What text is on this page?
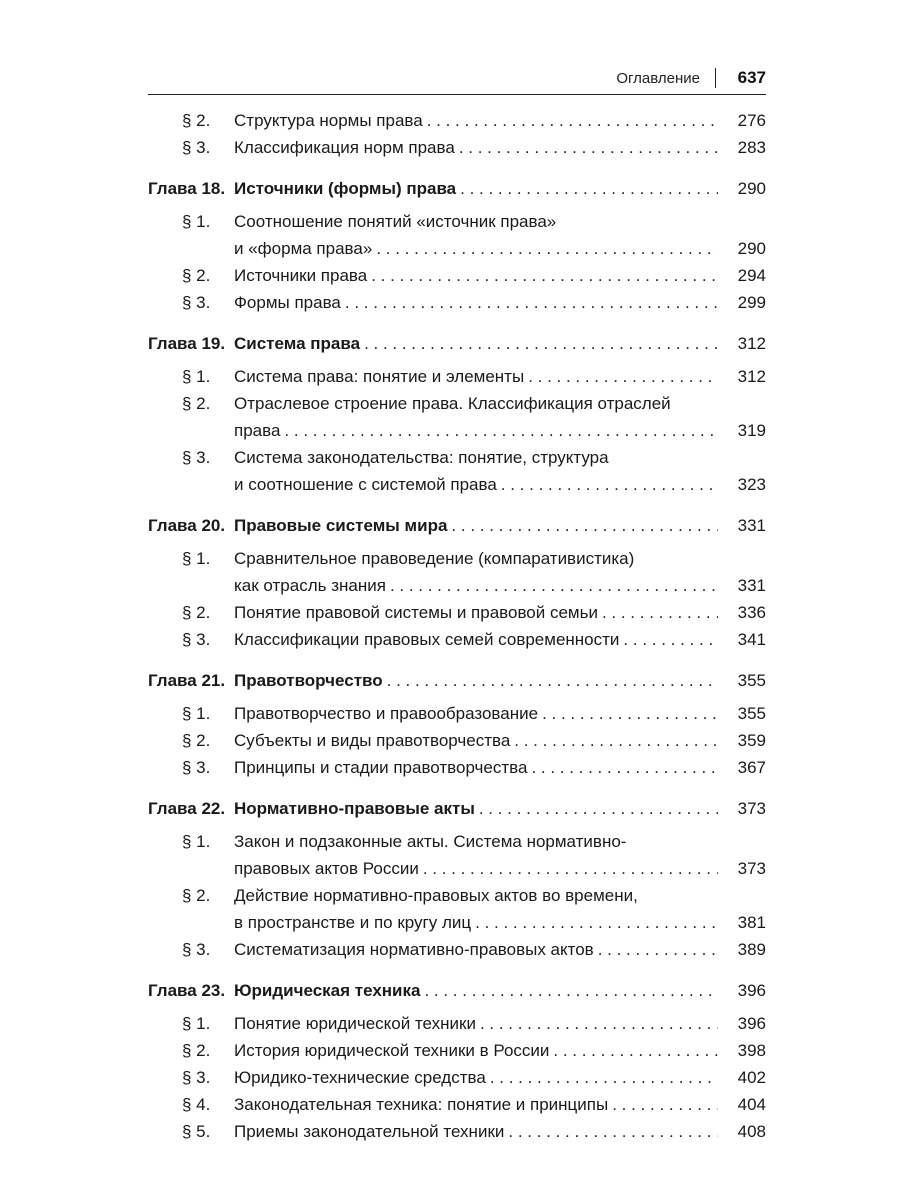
Оглавление 637
§ 2. Структура нормы права . . .	276
§ 3. Классификация норм права . . .	283
Глава 18. Источники (формы) права . . .	290
§ 1. Соотношение понятий «источник права»
и «форма права» . . .	290
§ 2. Источники права . . .	294
§ 3. Формы права . . .	299
Глава 19. Система права . . .	312
§ 1. Система права: понятие и элементы . . .	312
§ 2. Отраслевое строение права. Классификация отраслей
права . . .	319
§ 3. Система законодательства: понятие, структура
и соотношение с системой права . . .	323
Глава 20. Правовые системы мира . . .	331
§ 1. Сравнительное правоведение (компаративистика)
как отрасль знания . . .	331
§ 2. Понятие правовой системы и правовой семьи . . .	336
§ 3. Классификации правовых семей современности . . .	341
Глава 21. Правотворчество . . .	355
§ 1. Правотворчество и правообразование . . .	355
§ 2. Субъекты и виды правотворчества . . .	359
§ 3. Принципы и стадии правотворчества . . .	367
Глава 22. Нормативно-правовые акты . . .	373
§ 1. Закон и подзаконные акты. Система нормативно-
правовых актов России . . .	373
§ 2. Действие нормативно-правовых актов во времени,
в пространстве и по кругу лиц . . .	381
§ 3. Систематизация нормативно-правовых актов . . .	389
Глава 23. Юридическая техника . . .	396
§ 1. Понятие юридической техники . . .	396
§ 2. История юридической техники в России . . .	398
§ 3. Юридико-технические средства . . .	402
§ 4. Законодательная техника: понятие и принципы . . .	404
§ 5. Приемы законодательной техники . . .	408
